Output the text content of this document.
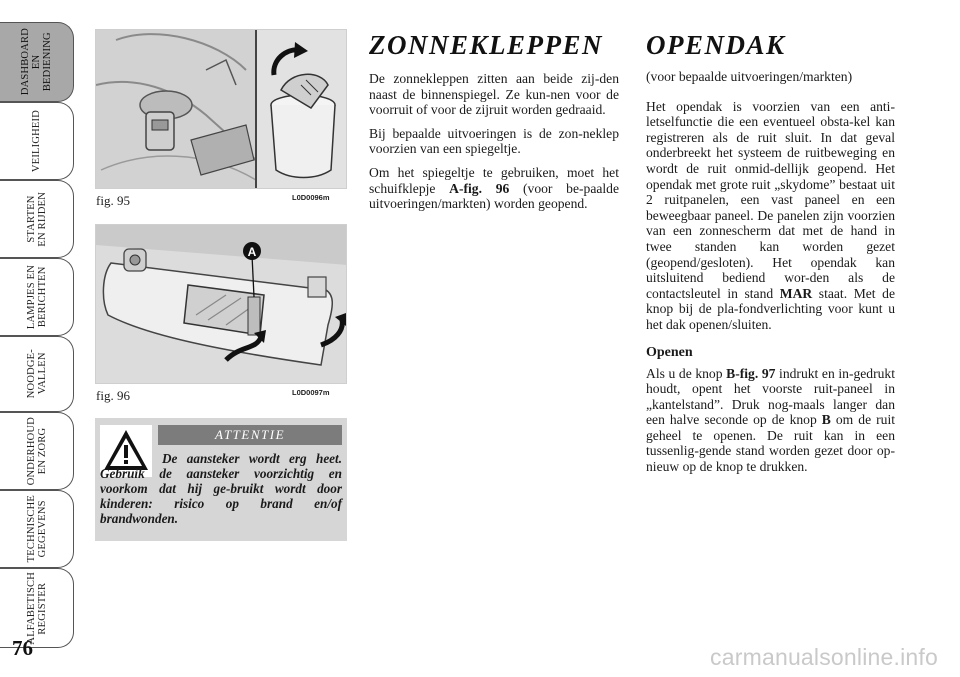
DASHBOARD
EN
BEDIENING
VEILIGHEID
STARTEN
EN RIJDEN
LAMPJES EN
BERICHTEN
NOODGE-
VALLEN
ONDERHOUD
EN ZORG
TECHNISCHE
GEGEVENS
ALFABETISCH
REGISTER
76
fig. 95	L0D0096m
A
fig. 96	L0D0097m
ATTENTIE
De aansteker wordt erg heet. Gebruik de aansteker voorzichtig en voorkom dat hij ge-bruikt wordt door kinderen: risico op brand en/of brandwonden.
ZONNEKLEPPEN

De zonnekleppen zitten aan beide zij-den naast de binnenspiegel. Ze kun-nen voor de voorruit of voor de zijruit worden gedraaid.

Bij bepaalde uitvoeringen is de zon-neklep voorzien van een spiegeltje.

Om het spiegeltje te gebruiken, moet het schuifklepje A-fig. 96 (voor be-paalde uitvoeringen/markten) worden geopend.

OPENDAK
(voor bepaalde uitvoeringen/markten)

Het opendak is voorzien van een anti-letselfunctie die een eventueel obsta-kel kan registreren als de ruit sluit. In dat geval onderbreekt het systeem de ruitbeweging en wordt de ruit onmid-dellijk geopend. Het opendak met grote ruit „skydome” bestaat uit 2 ruitpanelen, een vast paneel en een beweegbaar paneel. De panelen zijn voorzien van een zonnescherm dat met de hand in twee standen kan worden gezet (geopend/gesloten). Het opendak kan uitsluitend bediend wor-den als de contactsleutel in stand MAR staat. Met de knop bij de pla-fondverlichting voor kunt u het dak openen/sluiten.

Openen

Als u de knop B-fig. 97 indrukt en in-gedrukt houdt, opent het voorste ruit-paneel in „kantelstand”. Druk nog-maals langer dan een halve seconde op de knop B om de ruit geheel te openen. De ruit kan in een tussenlig-gende stand worden gezet door op-nieuw op de knop te drukken.

carmanualsonline.info
